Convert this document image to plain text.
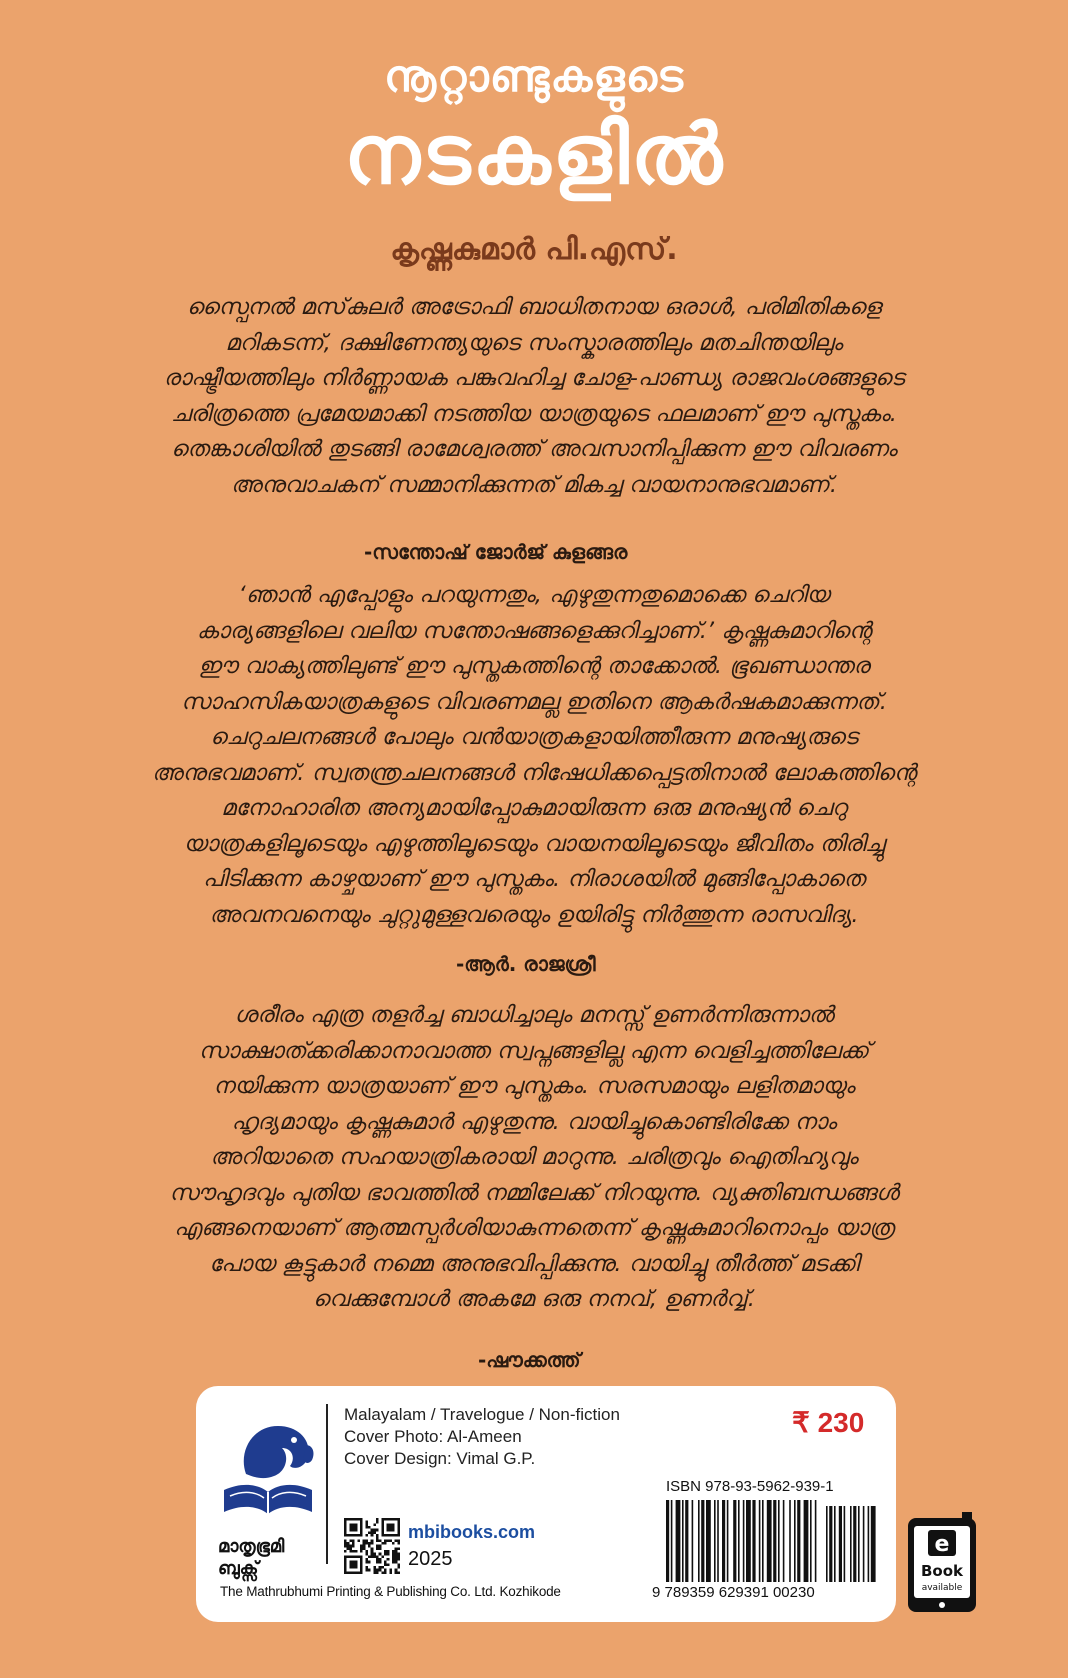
നൂറ്റാണ്ടുകളുടെ
നടകളിൽ
കൃഷ്ണകുമാർ പി.എസ്.

സ്പൈനൽ മസ്‌കുലർ അട്രോഫി ബാധിതനായ ഒരാൾ, പരിമിതികളെ

മറികടന്ന്, ദക്ഷിണേന്ത്യയുടെ സംസ്കാരത്തിലും മതചിന്തയിലും

രാഷ്ട്രീയത്തിലും നിർണ്ണായക പങ്കുവഹിച്ച ചോള-പാണ്ഡ്യ രാജവംശങ്ങളുടെ

ചരിത്രത്തെ പ്രമേയമാക്കി നടത്തിയ യാത്രയുടെ ഫലമാണ് ഈ പുസ്തകം.

തെങ്കാശിയിൽ തുടങ്ങി രാമേശ്വരത്ത് അവസാനിപ്പിക്കുന്ന ഈ വിവരണം

അനുവാചകന് സമ്മാനിക്കുന്നത് മികച്ച വായനാനുഭവമാണ്.

-സന്തോഷ് ജോർജ് കുളങ്ങര

‘ഞാൻ എപ്പോളും പറയുന്നതും, എഴുതുന്നതുമൊക്കെ ചെറിയ

കാര്യങ്ങളിലെ വലിയ സന്തോഷങ്ങളെക്കുറിച്ചാണ്.’ കൃഷ്ണകുമാറിന്റെ

ഈ വാക്യത്തിലുണ്ട് ഈ പുസ്തകത്തിന്റെ താക്കോൽ. ഭൂഖണ്ഡാന്തര

സാഹസികയാത്രകളുടെ വിവരണമല്ല ഇതിനെ ആകർഷകമാക്കുന്നത്.

ചെറുചലനങ്ങൾ പോലും വൻയാത്രകളായിത്തീരുന്ന മനുഷ്യരുടെ

അനുഭവമാണ്. സ്വതന്ത്രചലനങ്ങൾ നിഷേധിക്കപ്പെട്ടതിനാൽ ലോകത്തിന്റെ

മനോഹാരിത അന്യമായിപ്പോകുമായിരുന്ന ഒരു മനുഷ്യൻ ചെറു

യാത്രകളിലൂടെയും എഴുത്തിലൂടെയും വായനയിലൂടെയും ജീവിതം തിരിച്ചു

പിടിക്കുന്ന കാഴ്ചയാണ് ഈ പുസ്തകം. നിരാശയിൽ മുങ്ങിപ്പോകാതെ

അവനവനെയും ചുറ്റുമുള്ളവരെയും ഉയിരിട്ടു നിർത്തുന്ന രാസവിദ്യ.

-ആർ. രാജശ്രീ

ശരീരം എത്ര തളർച്ച ബാധിച്ചാലും മനസ്സ് ഉണർന്നിരുന്നാൽ

സാക്ഷാത്ക്കരിക്കാനാവാത്ത സ്വപ്നങ്ങളില്ല എന്ന വെളിച്ചത്തിലേക്ക്

നയിക്കുന്ന യാത്രയാണ് ഈ പുസ്തകം. സരസമായും ലളിതമായും

ഹൃദ്യമായും കൃഷ്ണകുമാർ എഴുതുന്നു. വായിച്ചുകൊണ്ടിരിക്കേ നാം

അറിയാതെ സഹയാത്രികരായി മാറുന്നു. ചരിത്രവും ഐതിഹ്യവും

സൗഹൃദവും പുതിയ ഭാവത്തിൽ നമ്മിലേക്ക് നിറയുന്നു. വ്യക്തിബന്ധങ്ങൾ

എങ്ങനെയാണ് ആത്മസ്പർശിയാകുന്നതെന്ന് കൃഷ്ണകുമാറിനൊപ്പം യാത്ര

പോയ കൂട്ടുകാർ നമ്മെ അനുഭവിപ്പിക്കുന്നു. വായിച്ചു തീർത്ത് മടക്കി

വെക്കുമ്പോൾ അകമേ ഒരു നനവ്, ഉണർവ്വ്.

-ഷൗക്കത്ത്
മാതൃഭൂമി
ബുക്സ്
Malayalam / Travelogue / Non-fiction
Cover Photo: Al-Ameen
Cover Design: Vimal G.P.
₹ 230
ISBN 978-93-5962-939-1
9 789359 629391 00230
mbibooks.com
2025
The Mathrubhumi Printing & Publishing Co. Ltd. Kozhikode
e
Book
available
